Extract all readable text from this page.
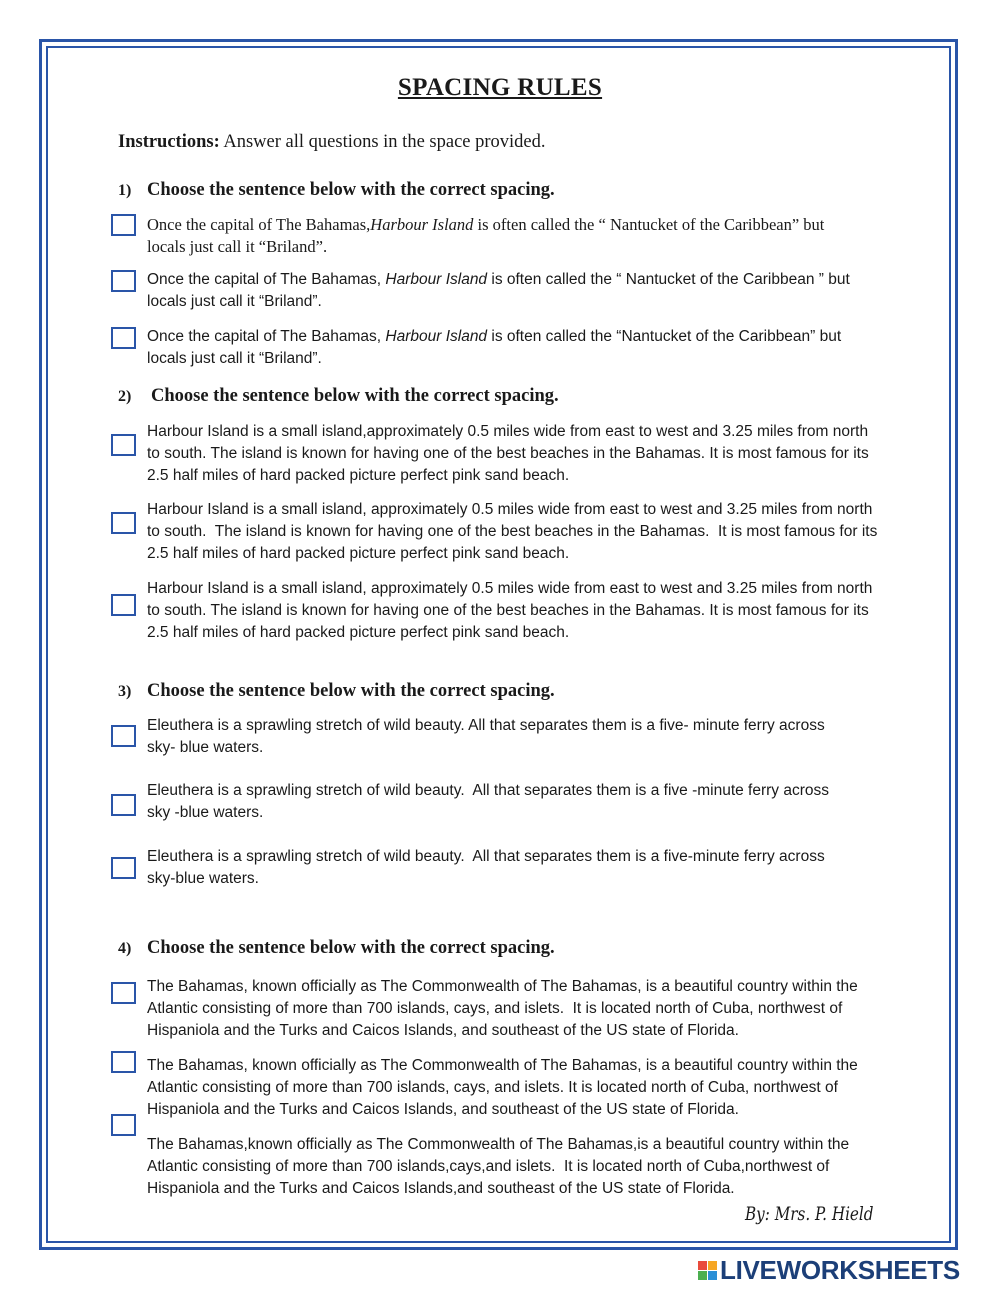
SPACING RULES
Instructions: Answer all questions in the space provided.
1) Choose the sentence below with the correct spacing.

Once the capital of The Bahamas,Harbour Island is often called the “ Nantucket of the Caribbean” but
locals just call it “Briland”.

Once the capital of The Bahamas, Harbour Island is often called the “ Nantucket of the Caribbean ” but
locals just call it “Briland”.

Once the capital of The Bahamas, Harbour Island is often called the “Nantucket of the Caribbean” but
locals just call it “Briland”.

2) Choose the sentence below with the correct spacing.

Harbour Island is a small island,approximately 0.5 miles wide from east to west and 3.25 miles from north
to south. The island is known for having one of the best beaches in the Bahamas. It is most famous for its
2.5 half miles of hard packed picture perfect pink sand beach.

Harbour Island is a small island, approximately 0.5 miles wide from east to west and 3.25 miles from north
to south.  The island is known for having one of the best beaches in the Bahamas.  It is most famous for its
2.5 half miles of hard packed picture perfect pink sand beach.

Harbour Island is a small island, approximately 0.5 miles wide from east to west and 3.25 miles from north
to south. The island is known for having one of the best beaches in the Bahamas. It is most famous for its
2.5 half miles of hard packed picture perfect pink sand beach.

3) Choose the sentence below with the correct spacing.

Eleuthera is a sprawling stretch of wild beauty. All that separates them is a five- minute ferry across
sky- blue waters.

Eleuthera is a sprawling stretch of wild beauty.  All that separates them is a five -minute ferry across
sky -blue waters.

Eleuthera is a sprawling stretch of wild beauty.  All that separates them is a five-minute ferry across
sky-blue waters.

4) Choose the sentence below with the correct spacing.

The Bahamas, known officially as The Commonwealth of The Bahamas, is a beautiful country within the
Atlantic consisting of more than 700 islands, cays, and islets.  It is located north of Cuba, northwest of
Hispaniola and the Turks and Caicos Islands, and southeast of the US state of Florida.

The Bahamas, known officially as The Commonwealth of The Bahamas, is a beautiful country within the
Atlantic consisting of more than 700 islands, cays, and islets. It is located north of Cuba, northwest of
Hispaniola and the Turks and Caicos Islands, and southeast of the US state of Florida.

The Bahamas,known officially as The Commonwealth of The Bahamas,is a beautiful country within the
Atlantic consisting of more than 700 islands,cays,and islets.  It is located north of Cuba,northwest of
Hispaniola and the Turks and Caicos Islands,and southeast of the US state of Florida.

By: Mrs. P. Hield
LIVEWORKSHEETS
